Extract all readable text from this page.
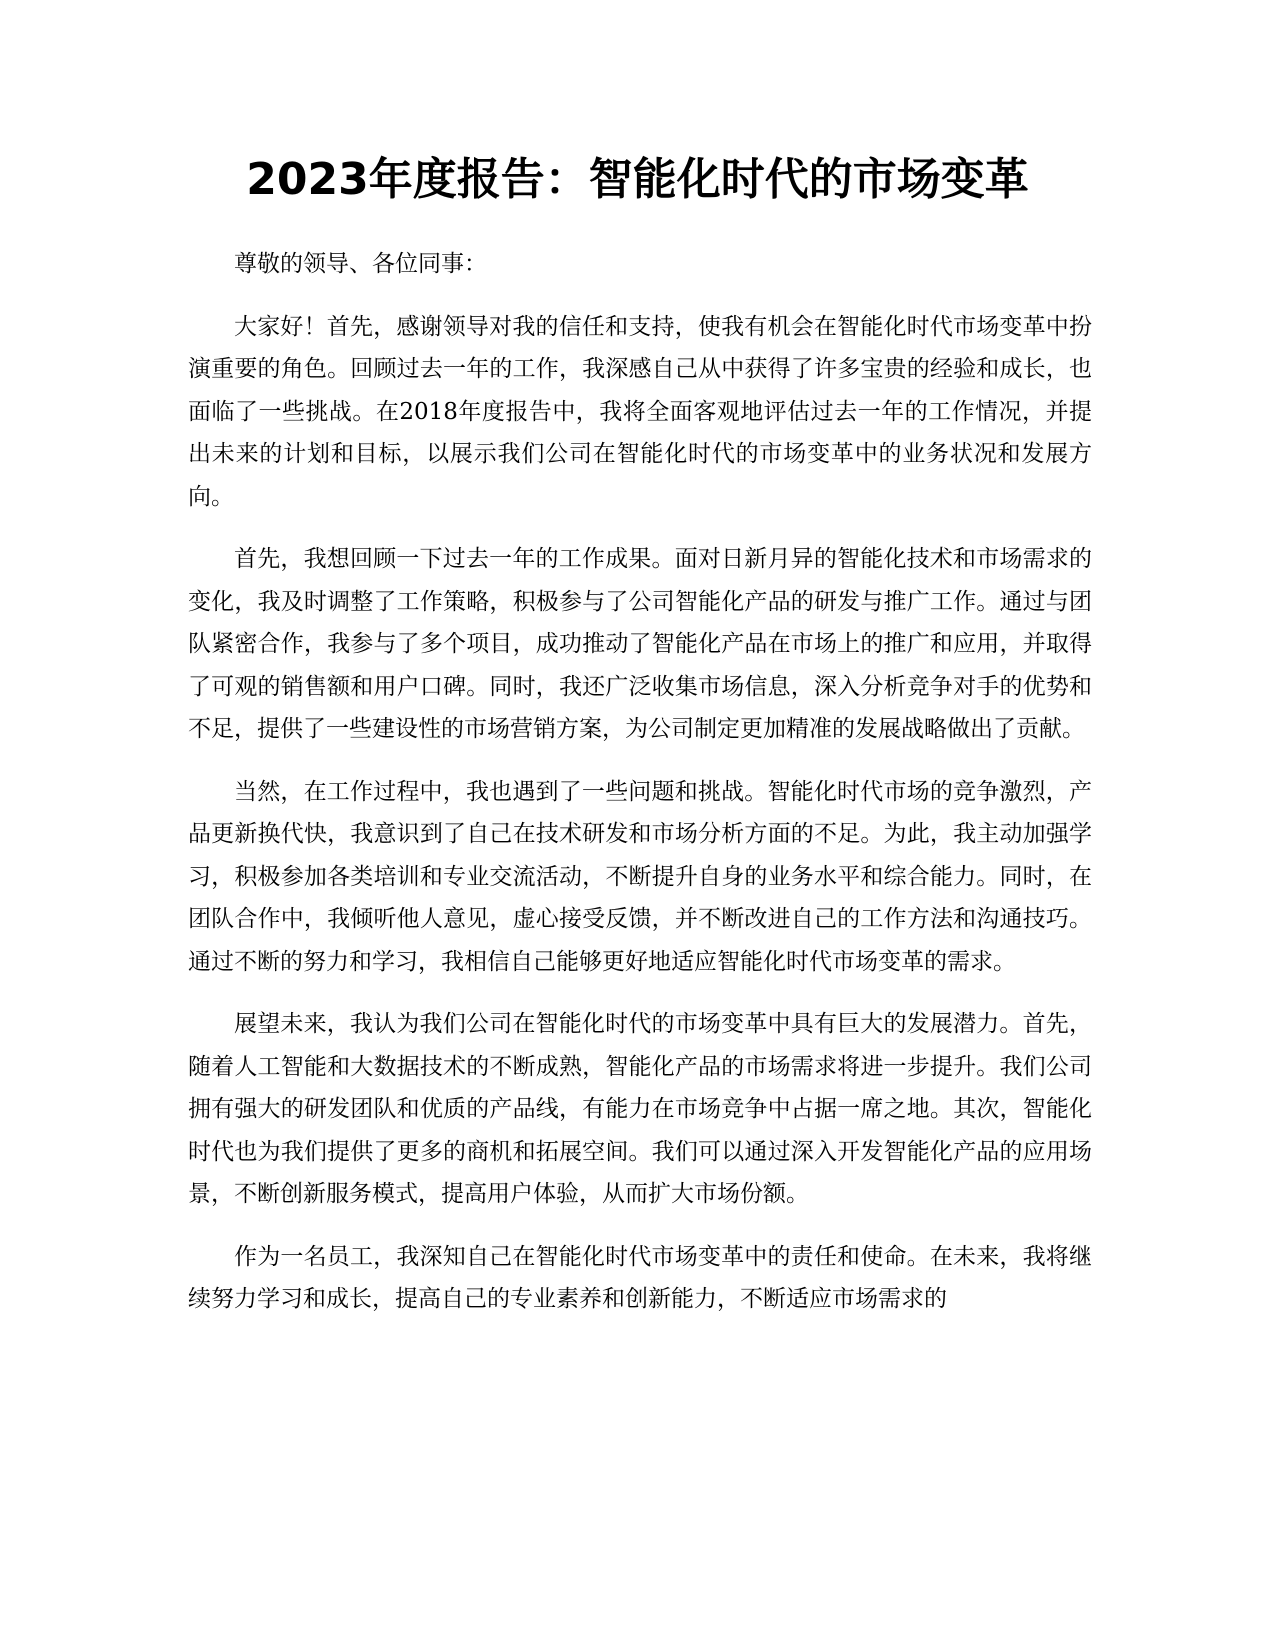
2023年度报告：智能化时代的市场变革

尊敬的领导、各位同事：

大家好！首先，感谢领导对我的信任和支持，使我有机会在智能化时代市场变革中扮演重要的角色。回顾过去一年的工作，我深感自己从中获得了许多宝贵的经验和成长，也面临了一些挑战。在2018年度报告中，我将全面客观地评估过去一年的工作情况，并提出未来的计划和目标，以展示我们公司在智能化时代的市场变革中的业务状况和发展方向。

首先，我想回顾一下过去一年的工作成果。面对日新月异的智能化技术和市场需求的变化，我及时调整了工作策略，积极参与了公司智能化产品的研发与推广工作。通过与团队紧密合作，我参与了多个项目，成功推动了智能化产品在市场上的推广和应用，并取得了可观的销售额和用户口碑。同时，我还广泛收集市场信息，深入分析竞争对手的优势和不足，提供了一些建设性的市场营销方案，为公司制定更加精准的发展战略做出了贡献。

当然，在工作过程中，我也遇到了一些问题和挑战。智能化时代市场的竞争激烈，产品更新换代快，我意识到了自己在技术研发和市场分析方面的不足。为此，我主动加强学习，积极参加各类培训和专业交流活动，不断提升自身的业务水平和综合能力。同时，在团队合作中，我倾听他人意见，虚心接受反馈，并不断改进自己的工作方法和沟通技巧。通过不断的努力和学习，我相信自己能够更好地适应智能化时代市场变革的需求。

展望未来，我认为我们公司在智能化时代的市场变革中具有巨大的发展潜力。首先，随着人工智能和大数据技术的不断成熟，智能化产品的市场需求将进一步提升。我们公司拥有强大的研发团队和优质的产品线，有能力在市场竞争中占据一席之地。其次，智能化时代也为我们提供了更多的商机和拓展空间。我们可以通过深入开发智能化产品的应用场景，不断创新服务模式，提高用户体验，从而扩大市场份额。

作为一名员工，我深知自己在智能化时代市场变革中的责任和使命。在未来，我将继续努力学习和成长，提高自己的专业素养和创新能力，不断适应市场需求的
